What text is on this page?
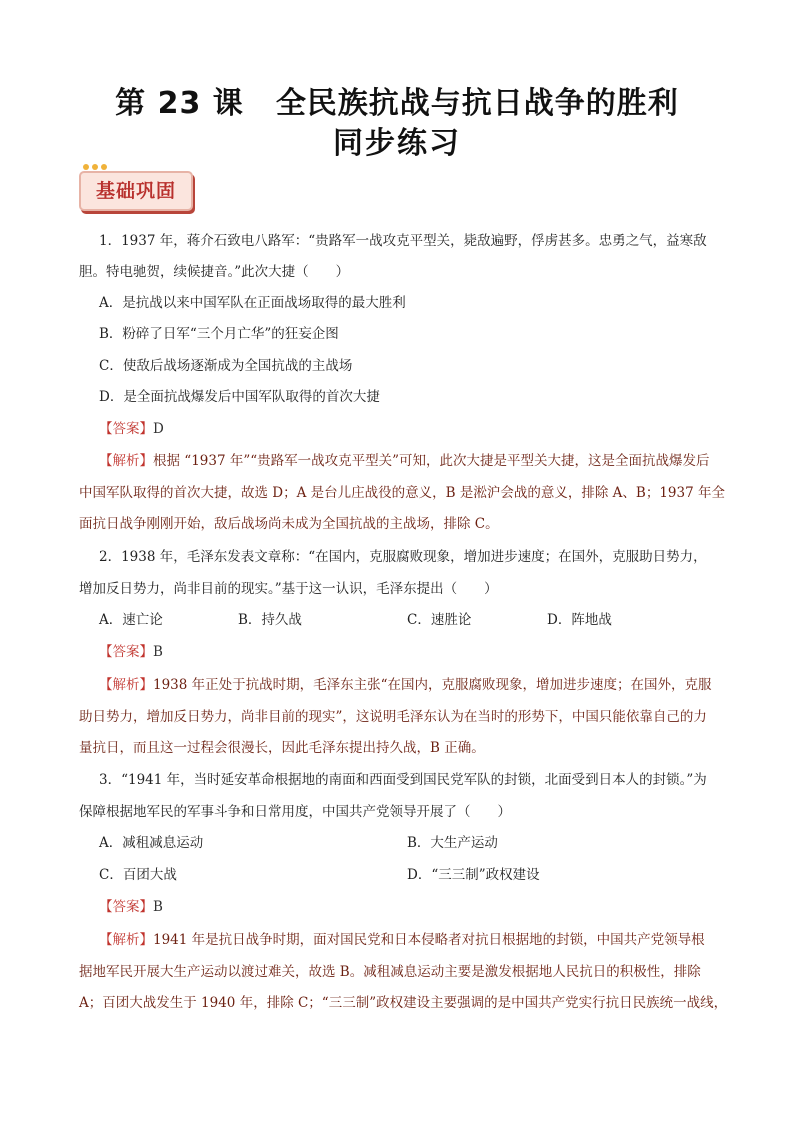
第 23 课 全民族抗战与抗日战争的胜利
同步练习
基础巩固
1．1937 年，蒋介石致电八路军：“贵路军一战攻克平型关，毙敌遍野，俘虏甚多。忠勇之气，益寒敌
胆。特电驰贺，续候捷音。”此次大捷（　　）
A．是抗战以来中国军队在正面战场取得的最大胜利
B．粉碎了日军“三个月亡华”的狂妄企图
C．使敌后战场逐渐成为全国抗战的主战场
D．是全面抗战爆发后中国军队取得的首次大捷
【答案】D
【解析】根据 “1937 年”“贵路军一战攻克平型关”可知，此次大捷是平型关大捷，这是全面抗战爆发后
中国军队取得的首次大捷，故选 D；A 是台儿庄战役的意义，B 是淞沪会战的意义，排除 A、B；1937 年全
面抗日战争刚刚开始，敌后战场尚未成为全国抗战的主战场，排除 C。
2．1938 年，毛泽东发表文章称：“在国内，克服腐败现象，增加进步速度；在国外，克服助日势力，
增加反日势力，尚非目前的现实。”基于这一认识，毛泽东提出（　　）
A．速亡论	B．持久战	C．速胜论	D．阵地战
【答案】B
【解析】1938 年正处于抗战时期，毛泽东主张“在国内，克服腐败现象，增加进步速度；在国外，克服
助日势力，增加反日势力，尚非目前的现实”，这说明毛泽东认为在当时的形势下，中国只能依靠自己的力
量抗日，而且这一过程会很漫长，因此毛泽东提出持久战，B 正确。
3．“1941 年，当时延安革命根据地的南面和西面受到国民党军队的封锁，北面受到日本人的封锁。”为
保障根据地军民的军事斗争和日常用度，中国共产党领导开展了（　　）
A．减租减息运动	B．大生产运动
C．百团大战	D．“三三制”政权建设
【答案】B
【解析】1941 年是抗日战争时期，面对国民党和日本侵略者对抗日根据地的封锁，中国共产党领导根
据地军民开展大生产运动以渡过难关，故选 B。减租减息运动主要是激发根据地人民抗日的积极性，排除
A；百团大战发生于 1940 年，排除 C；“三三制”政权建设主要强调的是中国共产党实行抗日民族统一战线，
